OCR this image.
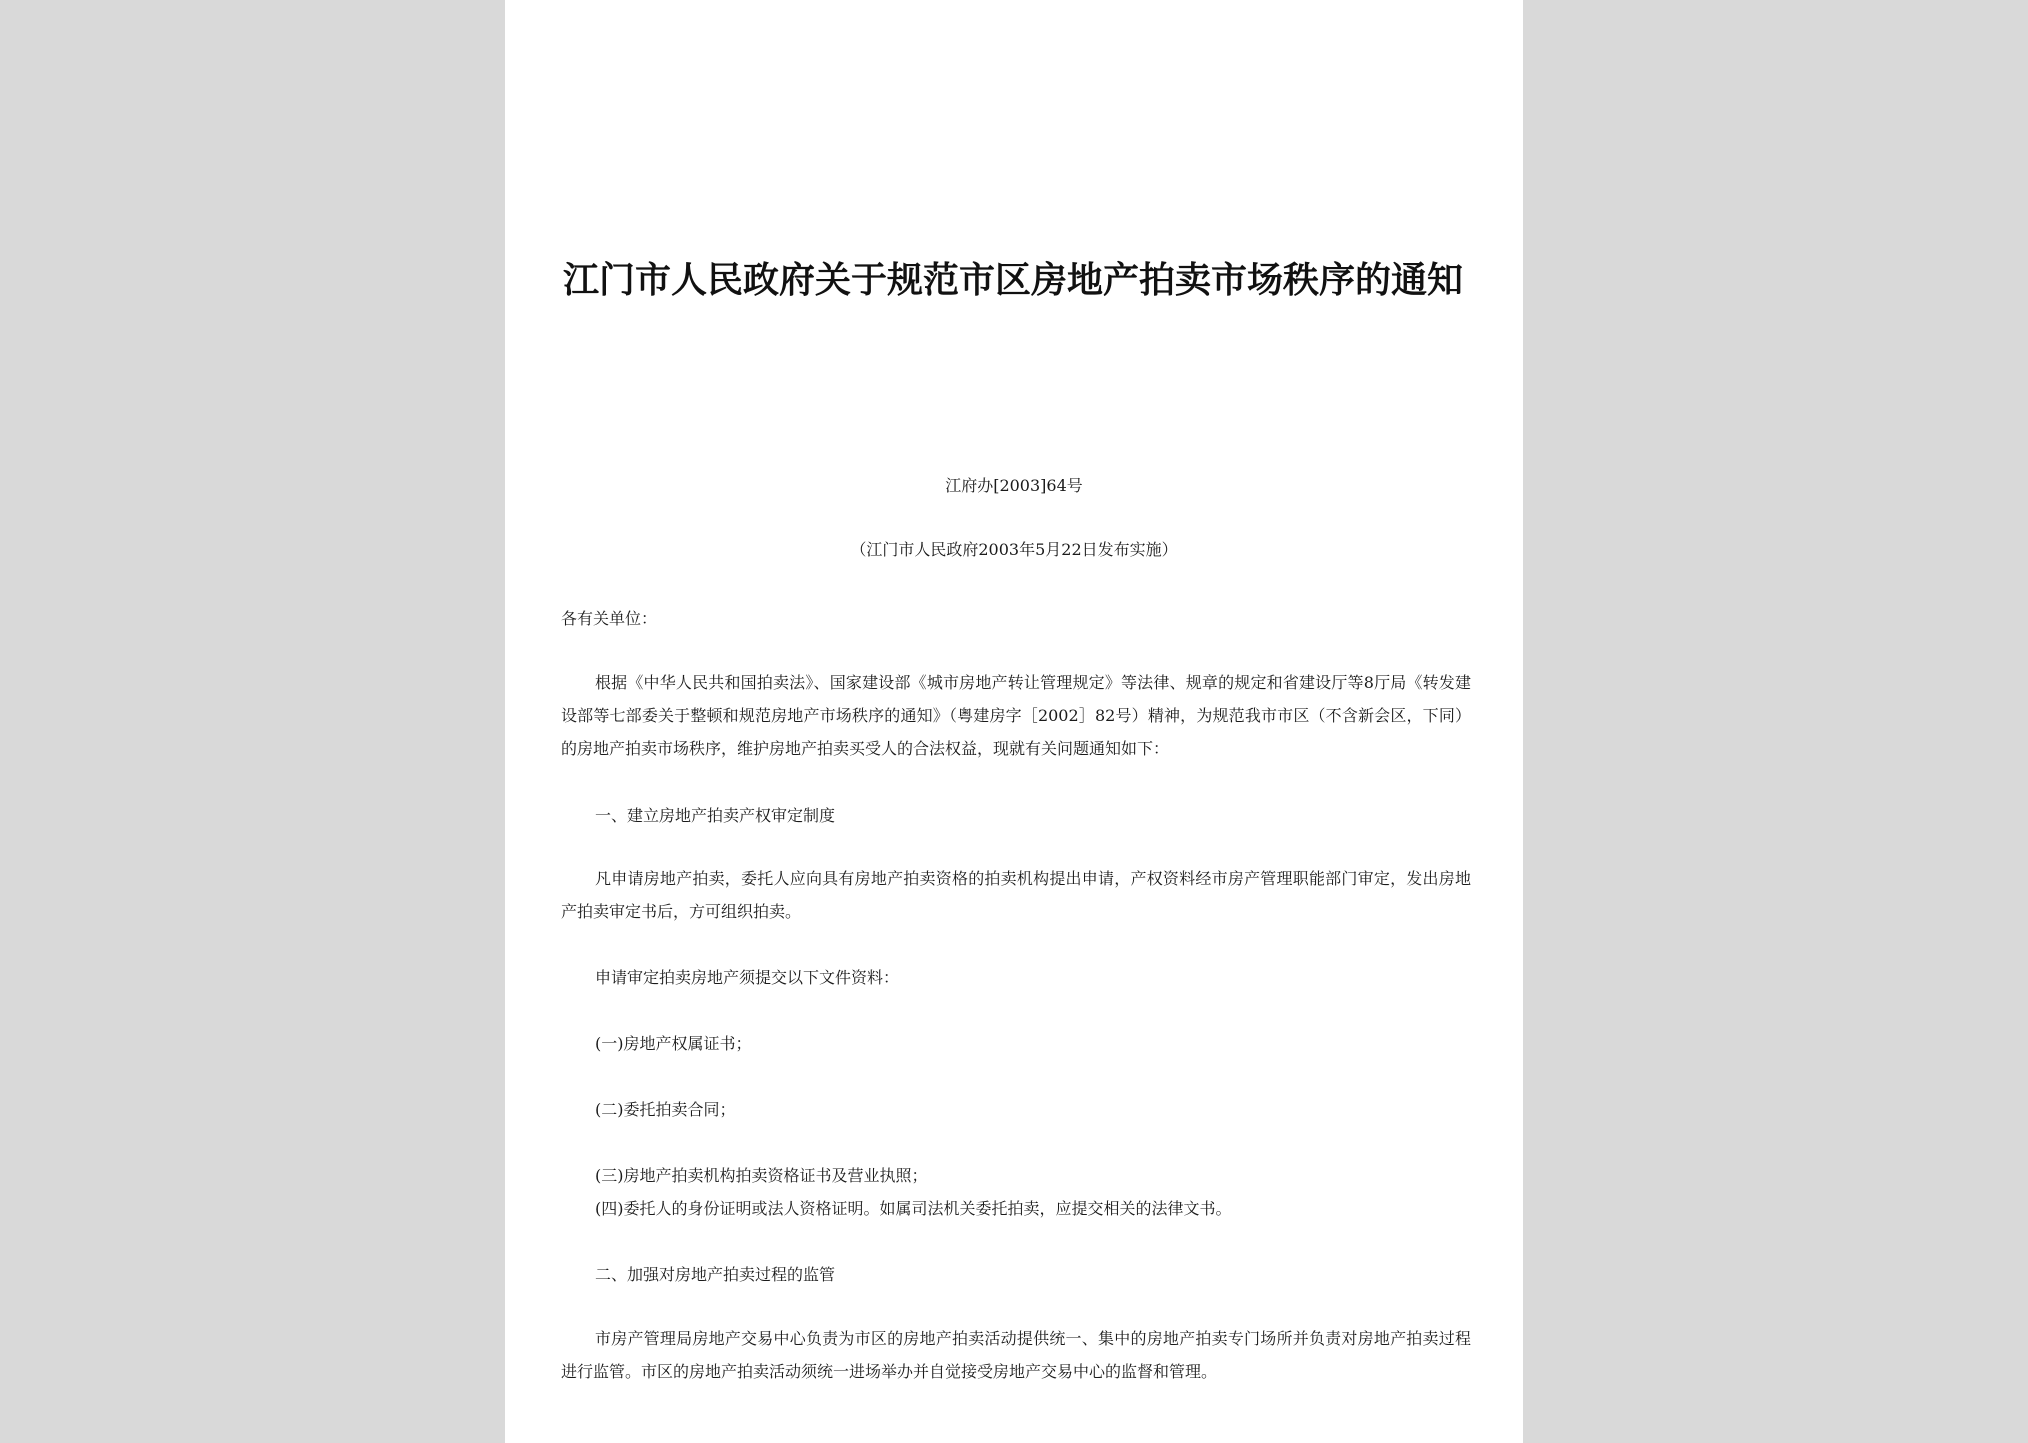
江门市人民政府关于规范市区房地产拍卖市场秩序的通知

江府办[2003]64号

（江门市人民政府2003年5月22日发布实施）

各有关单位：

根据《中华人民共和国拍卖法》、国家建设部《城市房地产转让管理规定》等法律、规章的规定和省建设厅等8厅局《转发建设部等七部委关于整顿和规范房地产市场秩序的通知》（粤建房字［2002］82号）精神，为规范我市市区（不含新会区，下同）的房地产拍卖市场秩序，维护房地产拍卖买受人的合法权益，现就有关问题通知如下：

一、建立房地产拍卖产权审定制度

凡申请房地产拍卖，委托人应向具有房地产拍卖资格的拍卖机构提出申请，产权资料经市房产管理职能部门审定，发出房地产拍卖审定书后，方可组织拍卖。

申请审定拍卖房地产须提交以下文件资料：

(一)房地产权属证书；

(二)委托拍卖合同；

(三)房地产拍卖机构拍卖资格证书及营业执照；

(四)委托人的身份证明或法人资格证明。如属司法机关委托拍卖，应提交相关的法律文书。

二、加强对房地产拍卖过程的监管

市房产管理局房地产交易中心负责为市区的房地产拍卖活动提供统一、集中的房地产拍卖专门场所并负责对房地产拍卖过程进行监管。市区的房地产拍卖活动须统一进场举办并自觉接受房地产交易中心的监督和管理。
